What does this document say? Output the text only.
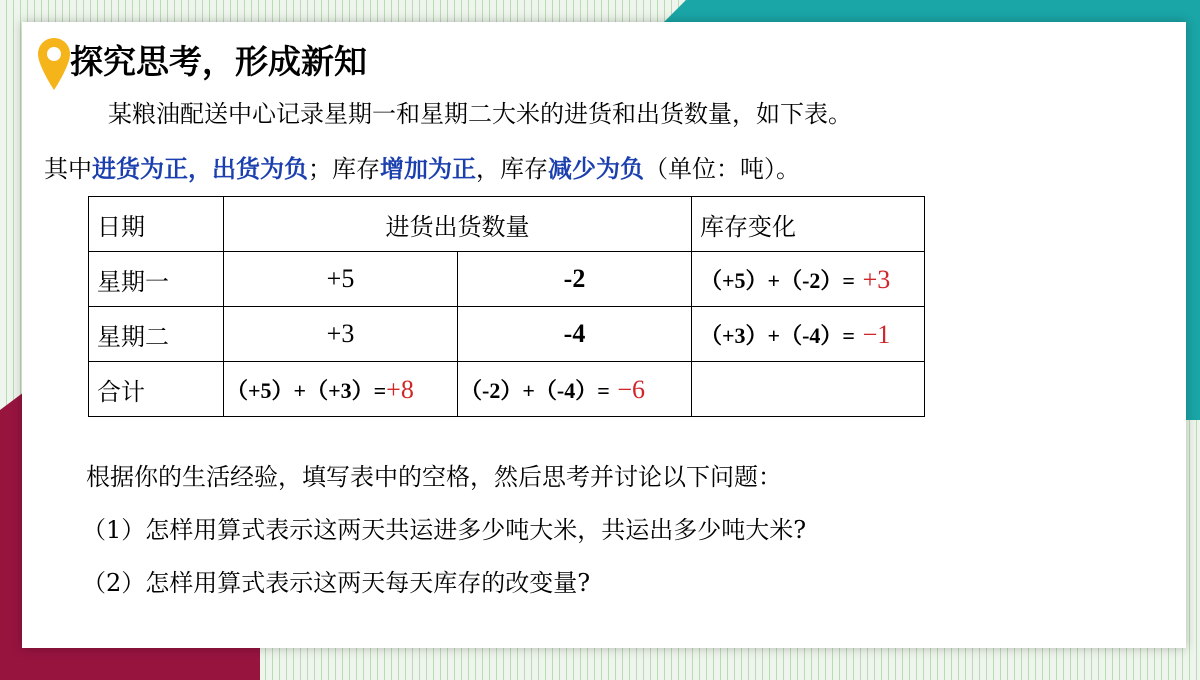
探究思考，形成新知
某粮油配送中心记录星期一和星期二大米的进货和出货数量，如下表。
其中进货为正，出货为负；库存增加为正，库存减少为负（单位：吨）。
日期	进货出货数量		库存变化
星期一	+5	-2	（+5）+（-2）= +3
星期二	+3	-4	（+3）+（-4）= −1
合计	（+5）+（+3）=+8	（-2）+（-4）= −6	
根据你的生活经验，填写表中的空格，然后思考并讨论以下问题：
（1）怎样用算式表示这两天共运进多少吨大米，共运出多少吨大米?
（2）怎样用算式表示这两天每天库存的改变量?
